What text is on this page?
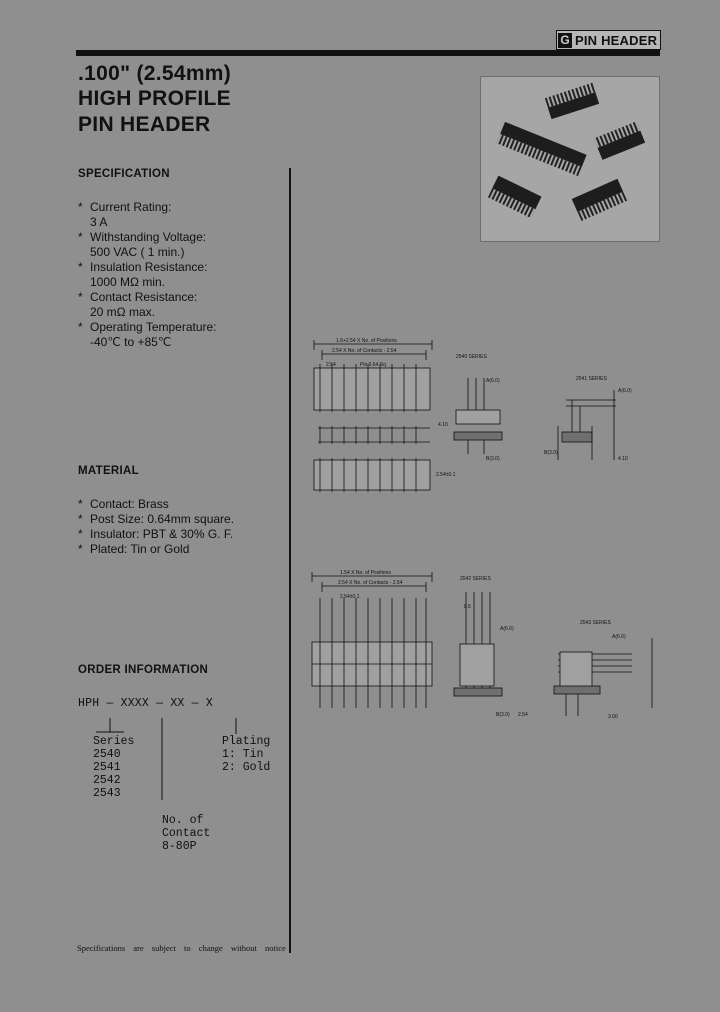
G PIN HEADER
.100" (2.54mm)
HIGH PROFILE
PIN HEADER
SPECIFICATION
* Current Rating:
3 A
* Withstanding Voltage:
500 VAC ( 1 min.)
* Insulation Resistance:
1000 MΩ min.
* Contact Resistance:
20 mΩ max.
* Operating Temperature:
-40℃ to +85℃
MATERIAL
* Contact: Brass
* Post Size: 0.64mm square.
* Insulator: PBT & 30% G. F.
* Plated: Tin or Gold
ORDER INFORMATION
HPH — XXXX — XX — X
Series
2540
2541
2542
2543
Plating
1: Tin
2: Gold
No. of
Contact
8-80P
1.5+2.54 X No. of Positions
2.54 X No. of Contacts - 2.54
2.54	Pin 0.64 Sq
2540 SERIES
A(6.0)
B(3.0)
4.10
2541 SERIES
A(6.0)
B(3.0)
4.10
2.54±0.1
1.54 X No. of Positions
2.54 X No. of Contacts - 2.54
2.54±0.1
2542 SERIES
A(6.0)
8.5
B(3.0) 2.54
2543 SERIES
A(6.0)
3.00
Specifications are subject to change without notice
